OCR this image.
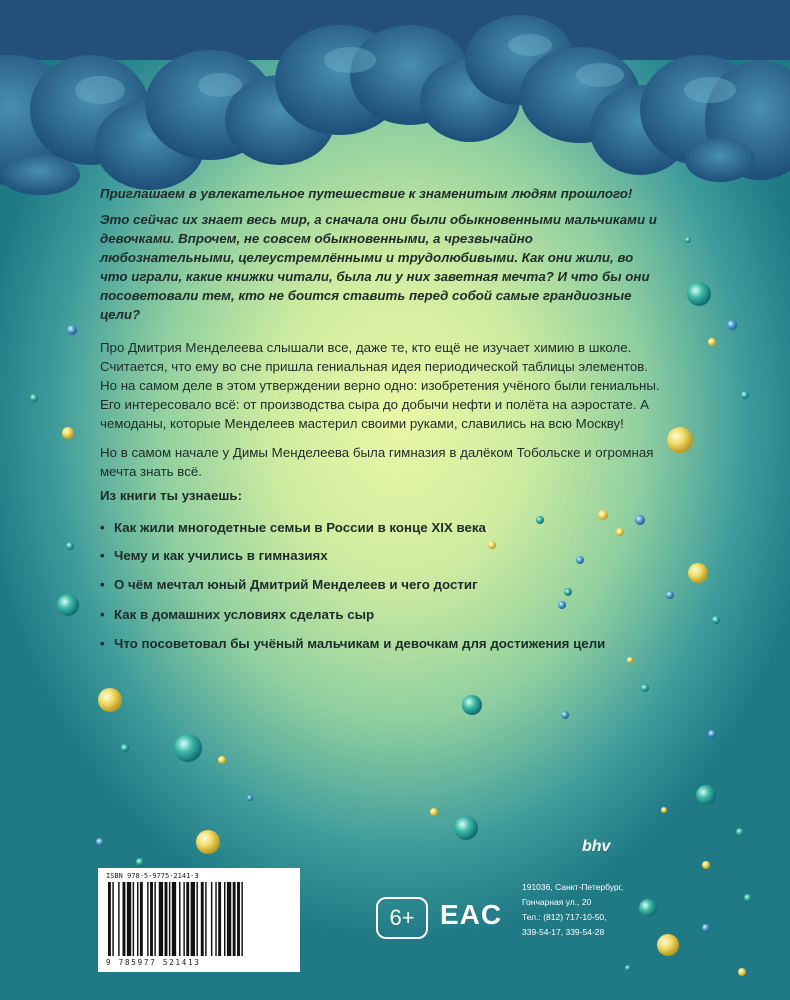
Приглашаем в увлекательное путешествие к знаменитым людям прошлого!

Это сейчас их знает весь мир, а сначала они были обыкновенными мальчиками и девочками. Впрочем, не совсем обыкновенными, а чрезвычайно любознательными, целеустремлёнными и трудолюбивыми. Как они жили, во что играли, какие книжки читали, была ли у них заветная мечта? И что бы они посоветовали тем, кто не боится ставить перед собой самые грандиозные цели?

Про Дмитрия Менделеева слышали все, даже те, кто ещё не изучает химию в школе. Считается, что ему во сне пришла гениальная идея периодической таблицы элементов. Но на самом деле в этом утверждении верно одно: изобретения учёного были гениальны. Его интересовало всё: от производства сыра до добычи нефти и полёта на аэростате. А чемоданы, которые Менделеев мастерил своими руками, славились на всю Москву!

Но в самом начале у Димы Менделеева была гимназия в далёком Тобольске и огромная мечта знать всё.

Из книги ты узнаешь:
• Как жили многодетные семьи в России в конце XIX века
• Чему и как учились в гимназиях
• О чём мечтал юный Дмитрий Менделеев и чего достиг
• Как в домашних условиях сделать сыр
• Что посоветовал бы учёный мальчикам и девочкам для достижения цели
ISBN 978-5-9775-2141-3
9 785977 521413
6+ EAC
bhv
191036, Санкт-Петербург,
Гончарная ул., 20
Тел.: (812) 717-10-50,
339-54-17, 339-54-28
